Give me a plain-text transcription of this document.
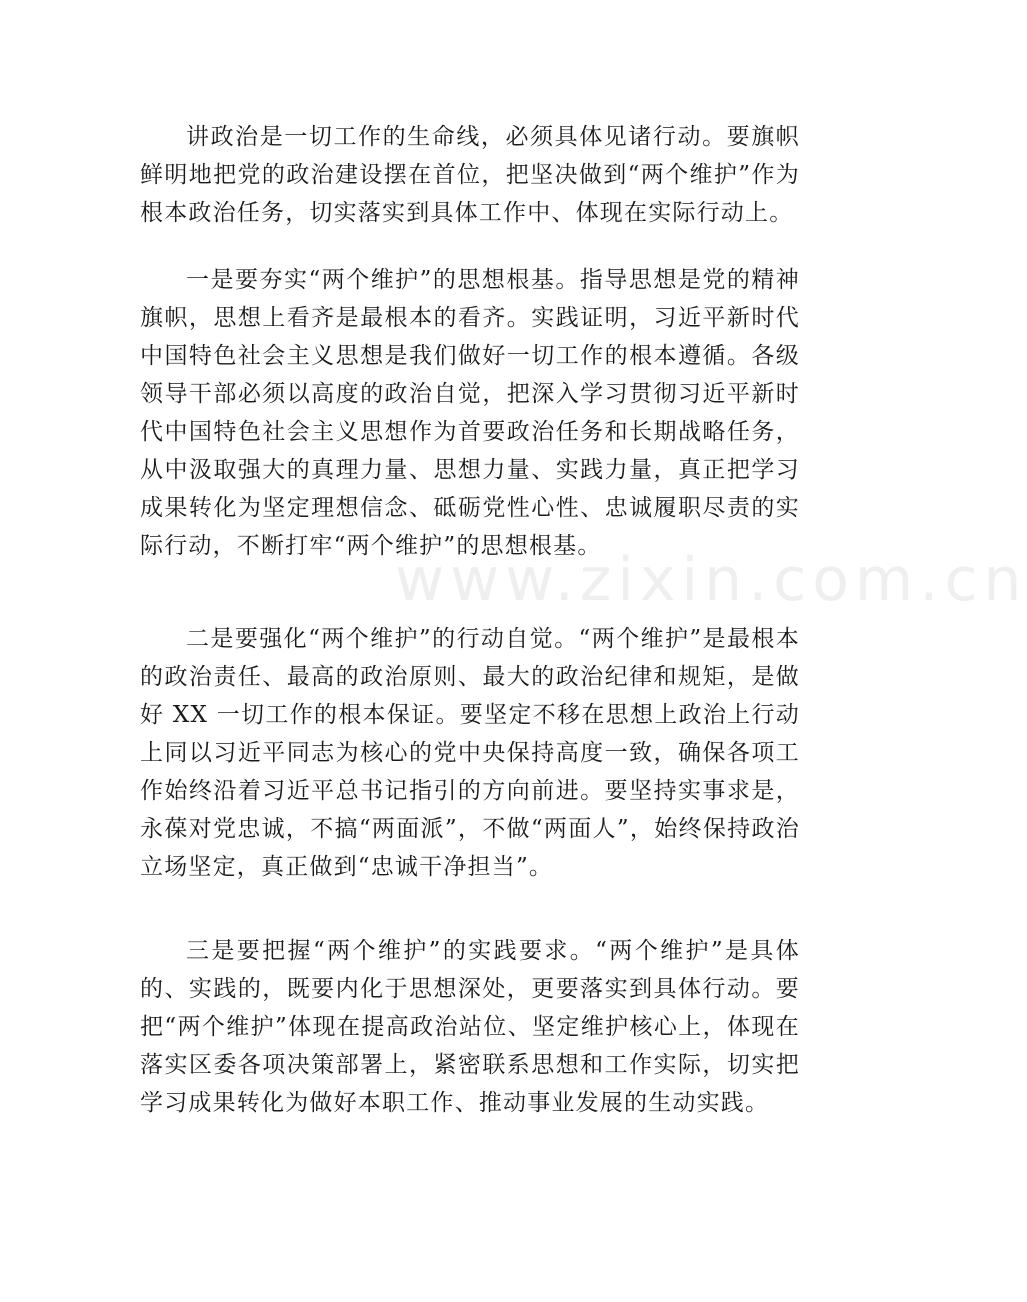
www.zixin.com.cn

讲政治是一切工作的生命线，必须具体见诸行动。要旗帜鲜明地把党的政治建设摆在首位，把坚决做到“两个维护”作为根本政治任务，切实落实到具体工作中、体现在实际行动上。

一是要夯实“两个维护”的思想根基。指导思想是党的精神旗帜，思想上看齐是最根本的看齐。实践证明，习近平新时代中国特色社会主义思想是我们做好一切工作的根本遵循。各级领导干部必须以高度的政治自觉，把深入学习贯彻习近平新时代中国特色社会主义思想作为首要政治任务和长期战略任务，从中汲取强大的真理力量、思想力量、实践力量，真正把学习成果转化为坚定理想信念、砥砺党性心性、忠诚履职尽责的实际行动，不断打牢“两个维护”的思想根基。

二是要强化“两个维护”的行动自觉。“两个维护”是最根本的政治责任、最高的政治原则、最大的政治纪律和规矩，是做好 XX 一切工作的根本保证。要坚定不移在思想上政治上行动上同以习近平同志为核心的党中央保持高度一致，确保各项工作始终沿着习近平总书记指引的方向前进。要坚持实事求是，永葆对党忠诚，不搞“两面派”，不做“两面人”，始终保持政治立场坚定，真正做到“忠诚干净担当”。

三是要把握“两个维护”的实践要求。“两个维护”是具体的、实践的，既要内化于思想深处，更要落实到具体行动。要把“两个维护”体现在提高政治站位、坚定维护核心上，体现在落实区委各项决策部署上，紧密联系思想和工作实际，切实把学习成果转化为做好本职工作、推动事业发展的生动实践。
